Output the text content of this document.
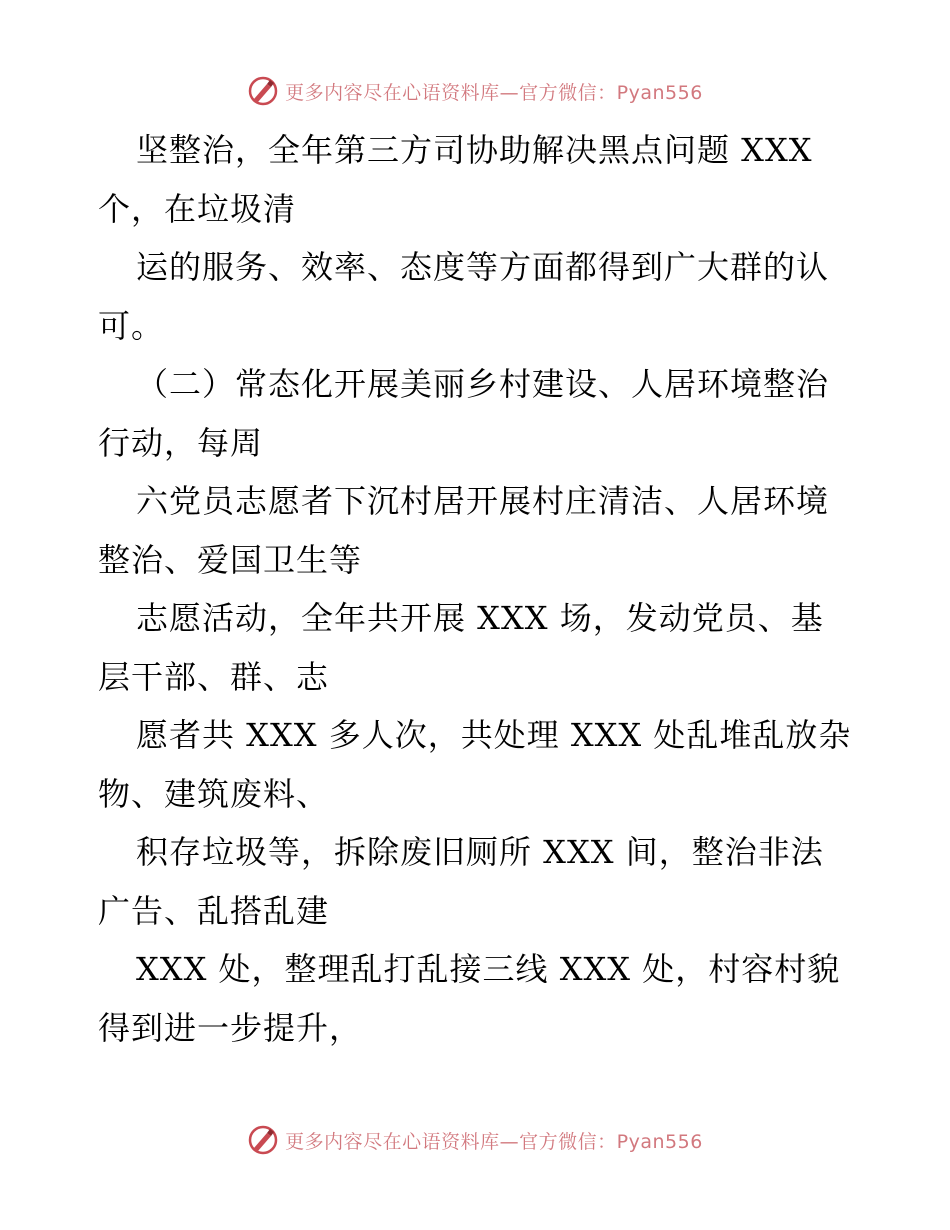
更多内容尽在心语资料库—官方微信：Pyan556
坚整治，全年第三方司协助解决黑点问题 XXX
个，在垃圾清
运的服务、效率、态度等方面都得到广大群的认
可。
（二）常态化开展美丽乡村建设、人居环境整治
行动，每周
六党员志愿者下沉村居开展村庄清洁、人居环境
整治、爱国卫生等
志愿活动，全年共开展 XXX 场，发动党员、基
层干部、群、志
愿者共 XXX 多人次，共处理 XXX 处乱堆乱放杂
物、建筑废料、
积存垃圾等，拆除废旧厕所 XXX 间，整治非法
广告、乱搭乱建
XXX 处，整理乱打乱接三线 XXX 处，村容村貌
得到进一步提升，
更多内容尽在心语资料库—官方微信：Pyan556
